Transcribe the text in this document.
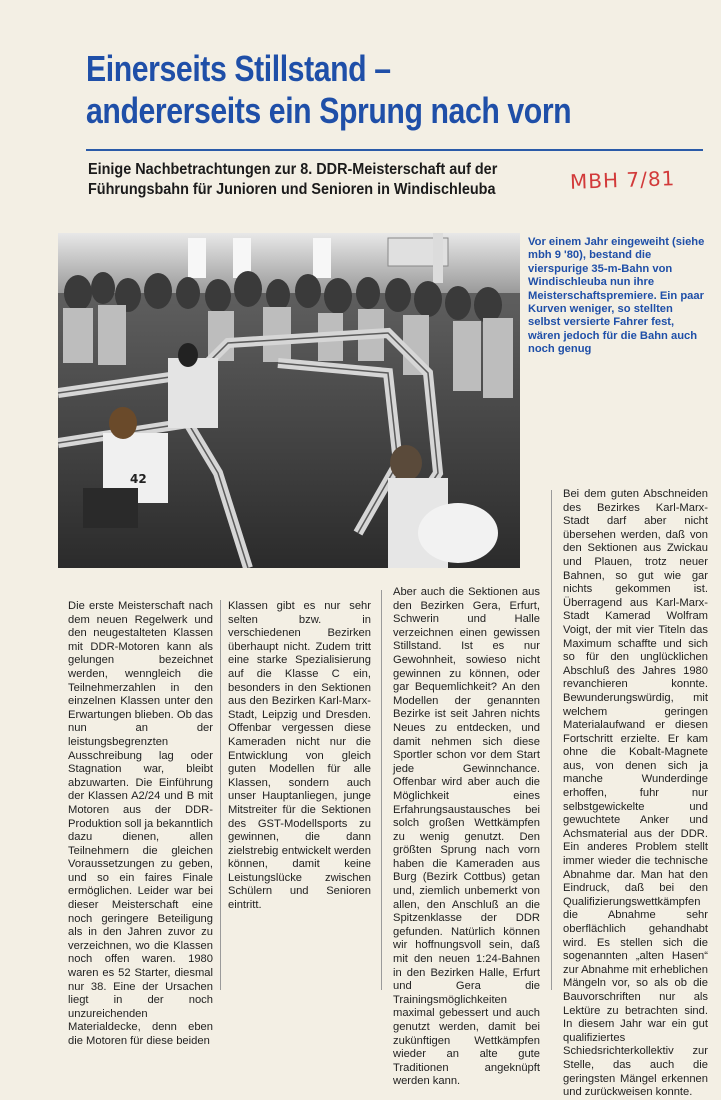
Einerseits Stillstand –
andererseits ein Sprung nach vorn

Einige Nachbetrachtungen zur 8. DDR-Meisterschaft auf der
Führungsbahn für Junioren und Senioren in Windischleuba	MBH 7/81
42

Vor einem Jahr eingeweiht (siehe mbh 9 '80), bestand die vierspurige 35-m-Bahn von Windischleuba nun ihre Meisterschaftspremiere. Ein paar Kurven weniger, so stellten selbst versierte Fahrer fest, wären jedoch für die Bahn auch noch genug

Die erste Meisterschaft nach dem neuen Regelwerk und den neugestalteten Klassen mit DDR-Motoren kann als gelungen bezeichnet werden, wenngleich die Teilnehmerzahlen in den einzelnen Klassen unter den Erwartungen blieben. Ob das nun an der leistungsbegrenzten Ausschreibung lag oder Stagnation war, bleibt abzuwarten. Die Einführung der Klassen A2/24 und B mit Motoren aus der DDR-Produktion soll ja bekanntlich dazu dienen, allen Teilnehmern die gleichen Voraussetzungen zu geben, und so ein faires Finale ermöglichen. Leider war bei dieser Meisterschaft eine noch geringere Beteiligung als in den Jahren zuvor zu verzeichnen, wo die Klassen noch offen waren. 1980 waren es 52 Starter, diesmal nur 38. Eine der Ursachen liegt in der noch unzureichenden Materialdecke, denn eben die Motoren für diese beiden

Klassen gibt es nur sehr selten bzw. in verschiedenen Bezirken überhaupt nicht. Zudem tritt eine starke Spezialisierung auf die Klasse C ein, besonders in den Sektionen aus den Bezirken Karl-Marx-Stadt, Leipzig und Dresden. Offenbar vergessen diese Kameraden nicht nur die Entwicklung von gleich guten Modellen für alle Klassen, sondern auch unser Hauptanliegen, junge Mitstreiter für die Sektionen des GST-Modellsports zu gewinnen, die dann zielstrebig entwickelt werden können, damit keine Leistungslücke zwischen Schülern und Senioren eintritt.

Aber auch die Sektionen aus den Bezirken Gera, Erfurt, Schwerin und Halle verzeichnen einen gewissen Stillstand. Ist es nur Gewohnheit, sowieso nicht gewinnen zu können, oder gar Bequemlichkeit? An den Modellen der genannten Bezirke ist seit Jahren nichts Neues zu entdecken, und damit nehmen sich diese Sportler schon vor dem Start jede Gewinnchance. Offenbar wird aber auch die Möglichkeit eines Erfahrungsaustausches bei solch großen Wettkämpfen zu wenig genutzt. Den größten Sprung nach vorn haben die Kameraden aus Burg (Bezirk Cottbus) getan und, ziemlich unbemerkt von allen, den Anschluß an die Spitzenklasse der DDR gefunden. Natürlich können wir hoffnungsvoll sein, daß mit den neuen 1:24-Bahnen in den Bezirken Halle, Erfurt und Gera die Trainingsmöglichkeiten maximal gebessert und auch genutzt werden, damit bei zukünftigen Wettkämpfen wieder an alte gute Traditionen angeknüpft werden kann.

Bei dem guten Abschneiden des Bezirkes Karl-Marx-Stadt darf aber nicht übersehen werden, daß von den Sektionen aus Zwickau und Plauen, trotz neuer Bahnen, so gut wie gar nichts gekommen ist. Überragend aus Karl-Marx-Stadt Kamerad Wolfram Voigt, der mit vier Titeln das Maximum schaffte und sich so für den unglücklichen Abschluß des Jahres 1980 revanchieren konnte. Bewunderungswürdig, mit welchem geringen Materialaufwand er diesen Fortschritt erzielte. Er kam ohne die Kobalt-Magnete aus, von denen sich ja manche Wunderdinge erhoffen, fuhr nur selbstgewickelte und gewuchtete Anker und Achsmaterial aus der DDR. Ein anderes Problem stellt immer wieder die technische Abnahme dar. Man hat den Eindruck, daß bei den Qualifizierungswettkämpfen die Abnahme sehr oberflächlich gehandhabt wird. Es stellen sich die sogenannten „alten Hasen“ zur Abnahme mit erheblichen Mängeln vor, so als ob die Bauvorschriften nur als Lektüre zu betrachten sind. In diesem Jahr war ein gut qualifiziertes Schiedsrichterkollektiv zur Stelle, das auch die geringsten Mängel erkennen und zurückweisen konnte.
